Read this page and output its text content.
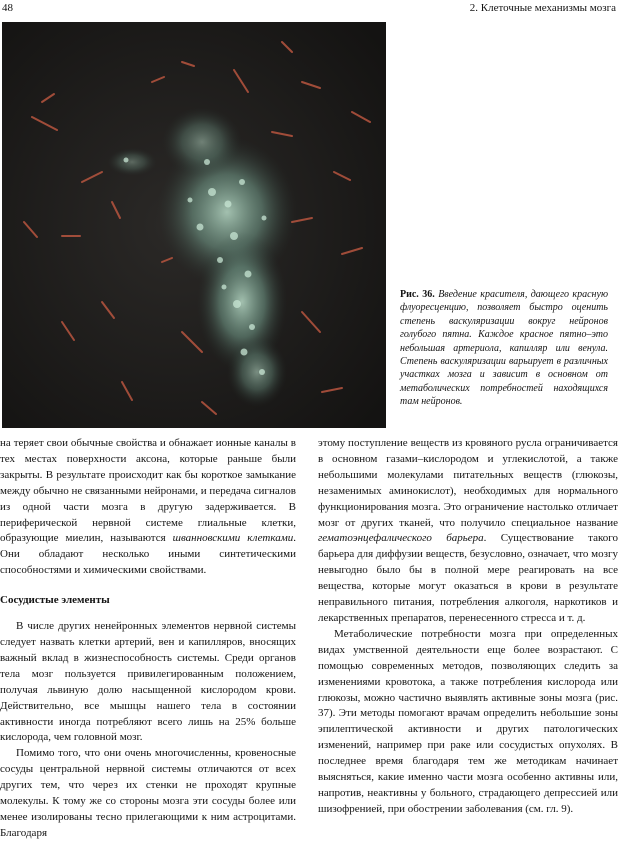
48	2. Клеточные механизмы мозга
Рис. 36. Введение красителя, дающего красную флуоресценцию, позволяет быстро оценить степень васкуляризации вокруг нейронов голубого пятна. Каждое красное пятно–это небольшая артериола, капилляр или венула. Степень васкуляризации варьирует в различных участках мозга и зависит в основном от метаболических потребностей находящихся там нейронов.

на теряет свои обычные свойства и обнажает ионные каналы в тех местах поверхности аксона, которые раньше были закрыты. В результате происходит как бы короткое замыкание между обычно не связанными нейронами, и передача сигналов из одной части мозга в другую задерживается. В периферической нервной системе глиальные клетки, образующие миелин, называются шванновскими клетками. Они обладают несколько иными синтетическими способностями и химическими свойствами.

Сосудистые элементы

В числе других ненейронных элементов нервной системы следует назвать клетки артерий, вен и капилляров, вносящих важный вклад в жизнеспособность системы. Среди органов тела мозг пользуется привилегированным положением, получая львиную долю насыщенной кислородом крови. Действительно, все мышцы нашего тела в состоянии активности иногда потребляют всего лишь на 25% больше кислорода, чем головной мозг.

Помимо того, что они очень многочисленны, кровеносные сосуды центральной нервной системы отличаются от всех других тем, что через их стенки не проходят крупные молекулы. К тому же со стороны мозга эти сосуды более или менее изолированы тесно прилегающими к ним астроцитами. Благодаря

этому поступление веществ из кровяного русла ограничивается в основном газами–кислородом и углекислотой, а также небольшими молекулами питательных веществ (глюкозы, незаменимых аминокислот), необходимых для нормального функционирования мозга. Это ограничение настолько отличает мозг от других тканей, что получило специальное название гематоэнцефалического барьера. Существование такого барьера для диффузии веществ, безусловно, означает, что мозгу невыгодно было бы в полной мере реагировать на все вещества, которые могут оказаться в крови в результате неправильного питания, потребления алкоголя, наркотиков и лекарственных препаратов, перенесенного стресса и т. д.

Метаболические потребности мозга при определенных видах умственной деятельности еще более возрастают. С помощью современных методов, позволяющих следить за изменениями кровотока, а также потребления кислорода или глюкозы, можно частично выявлять активные зоны мозга (рис. 37). Эти методы помогают врачам определить небольшие зоны эпилептической активности и других патологических изменений, например при раке или сосудистых опухолях. В последнее время благодаря тем же методикам начинает выясняться, какие именно части мозга особенно активны или, напротив, неактивны у больного, страдающего депрессией или шизофренией, при обострении заболевания (см. гл. 9).
